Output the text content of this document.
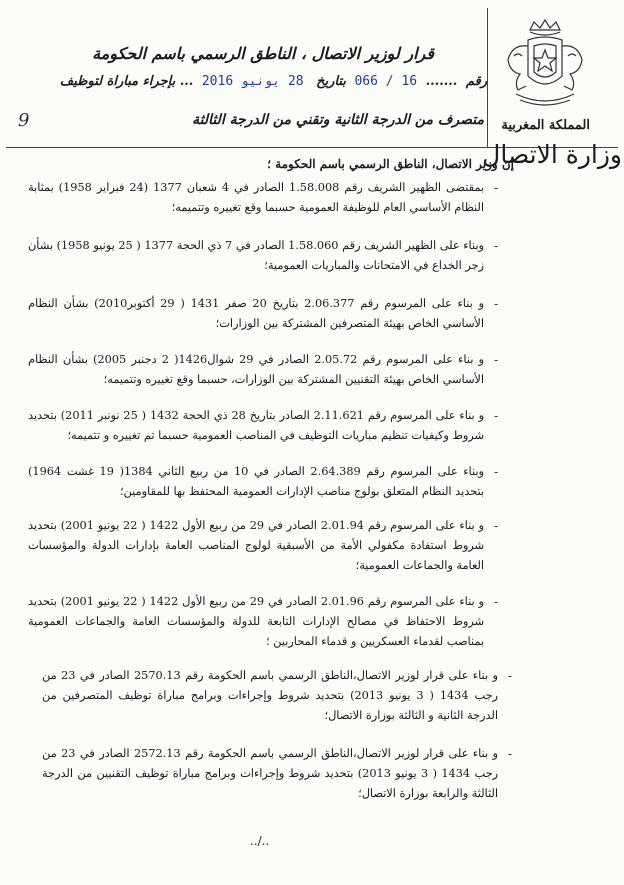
المملكة المغربية
وزارة الاتصال
قرار لوزير الاتصال ، الناطق الرسمي باسم الحكومة
رقم ....... 16 / 066 بتاريخ 28 يونيو 2016 ... بإجراء مباراة لتوظيف
متصرف من الدرجة الثانية وتقني من الدرجة الثالثة
9
إن وزير الاتصال، الناطق الرسمي باسم الحكومة ؛
-
بمقتضى الظهير الشريف رقم 1.58.008 الصادر في 4 شعبان 1377 (24 فبراير 1958) بمثابة النظام الأساسي العام للوظيفة العمومية حسبما وقع تغييره وتتميمه؛
-
وبناء على الظهير الشريف رقم 1.58.060 الصادر في 7 ذي الحجة 1377 ( 25 يونيو 1958) بشأن زجر الخداع في الامتحانات والمباريات العمومية؛
-
و بناء على المرسوم رقم 2.06.377 بتاريخ 20 صفر 1431 ( 29 أكتوبر2010) بشأن النظام الأساسي الخاص بهيئة المتصرفين المشتركة بين الوزارات؛
-
و بناء على المرسوم رقم 2.05.72 الصادر في 29 شوال1426( 2 دجنبر 2005) بشأن النظام الأساسي الخاص بهيئة التقنيين المشتركة بين الوزارات، حسبما وقع تغييره وتتميمه؛
-
و بناء على المرسوم رقم 2.11.621 الصادر بتاريخ 28 ذي الحجة 1432 ( 25 نونبر 2011) بتحديد شروط وكيفيات تنظيم مباريات التوظيف في المناصب العمومية حسبما تم تغييره و تتميمه؛
-
وبناء على المرسوم رقم 2.64.389 الصادر في 10 من ربيع الثاني 1384( 19 غشت 1964) بتحديد النظام المتعلق بولوج مناصب الإدارات العمومية المحتفظ بها للمقاومين؛
-
و بناء على المرسوم رقم 2.01.94 الصادر في 29 من ربيع الأول 1422 ( 22 يونيو 2001) بتحديد شروط استفادة مكفولي الأمة من الأسبقية لولوج المناصب العامة بإدارات الدولة والمؤسسات العامة والجماعات العمومية؛
-
و بناء على المرسوم رقم 2.01.96 الصادر في 29 من ربيع الأول 1422 ( 22 يونيو 2001) بتحديد شروط الاحتفاظ في مصالح الإدارات التابعة للدولة والمؤسسات العامة والجماعات العمومية بمناصب لقدماء العسكريين و قدماء المحاربين ؛
-
و بناء على قرار لوزير الاتصال،الناطق الرسمي باسم الحكومة رقم 2570.13 الصادر في 23 من رجب 1434 ( 3 يونيو 2013) بتحديد شروط وإجراءات وبرامج مباراة توظيف المتصرفين من الدرجة الثانية و الثالثة بوزارة الاتصال؛
-
و بناء على قرار لوزير الاتصال،الناطق الرسمي باسم الحكومة رقم 2572.13 الصادر في 23 من رجب 1434 ( 3 يونيو 2013) بتحديد شروط وإجراءات وبرامج مباراة توظيف التقنيين من الدرجة الثالثة والرابعة بوزارة الاتصال؛
../..
